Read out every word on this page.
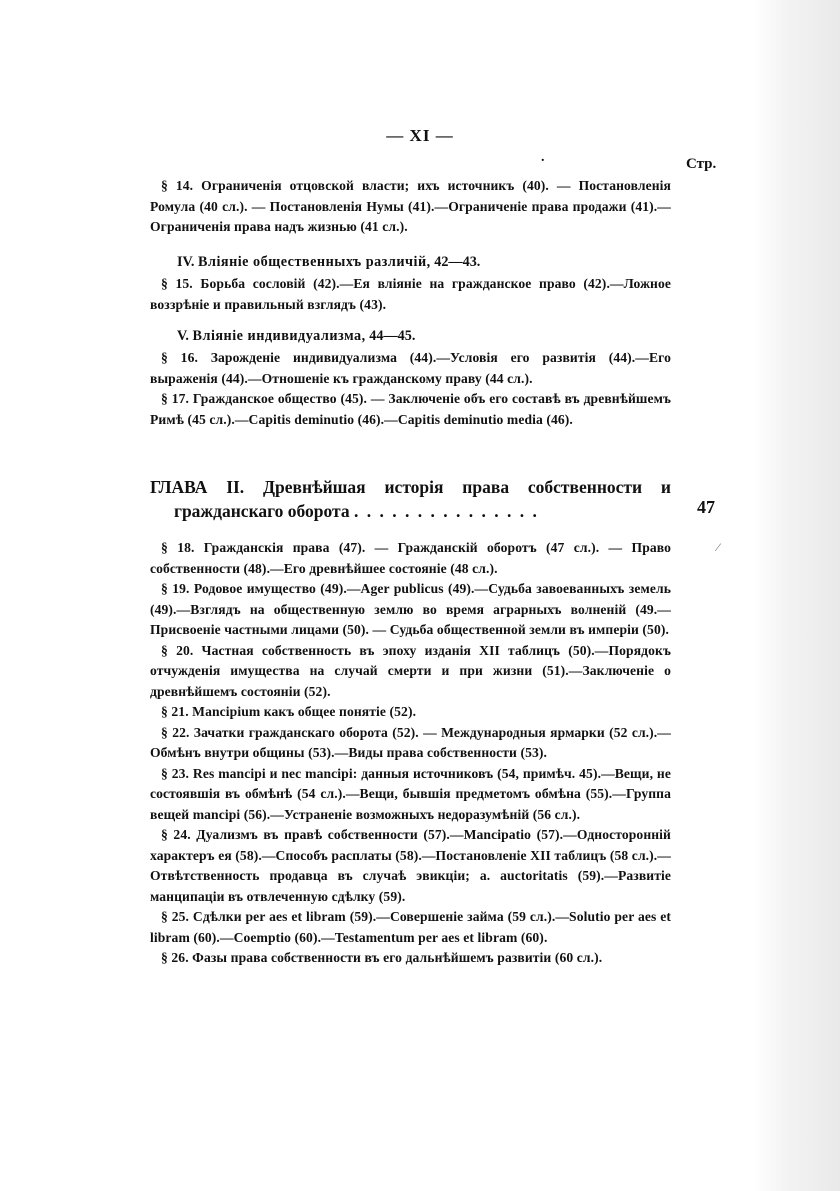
— XI —
.	Стр.

§ 14. Ограниченія отцовской власти; ихъ источникъ (40). — Постановленія Ромула (40 сл.). — Постановленія Нумы (41).—Ограниченіе права продажи (41).—Ограниченія права надъ жизнью (41 сл.).

IV. Вліяніе общественныхъ различій, 42—43.

§ 15. Борьба сословій (42).—Ея вліяніе на гражданское право (42).—Ложное воззрѣніе и правильный взглядъ (43).

V. Вліяніе индивидуализма, 44—45.

§ 16. Зарожденіе индивидуализма (44).—Условія его развитія (44).—Его выраженія (44).—Отношеніе къ гражданскому праву (44 сл.).

§ 17. Гражданское общество (45). — Заключеніе объ его составѣ въ древнѣйшемъ Римѣ (45 сл.).—Capitis deminutio (46).—Capitis deminutio media (46).

ГЛАВА II. Древнѣйшая исторія права собственности и
гражданскаго оборота . . . . . . . . . . . . . . .	47

§ 18. Гражданскія права (47). — Гражданскій оборотъ (47 сл.). — Право собственности (48).—Его древнѣйшее состояніе (48 сл.).

§ 19. Родовое имущество (49).—Ager publicus (49).—Судьба завоеванныхъ земель (49).—Взглядъ на общественную землю во время аграрныхъ волненій (49.—Присвоеніе частными лицами (50). — Судьба общественной земли въ имперіи (50).

§ 20. Частная собственность въ эпоху изданія XII таблицъ (50).—Порядокъ отчужденія имущества на случай смерти и при жизни (51).—Заключеніе о древнѣйшемъ состояніи (52).

§ 21. Mancipium какъ общее понятіе (52).

§ 22. Зачатки гражданскаго оборота (52). — Международныя ярмарки (52 сл.).—Обмѣнъ внутри общины (53).—Виды права собственности (53).

§ 23. Res mancipi и nec mancipi: данныя источниковъ (54, примѣч. 45).—Вещи, не состоявшія въ обмѣнѣ (54 сл.).—Вещи, бывшія предметомъ обмѣна (55).—Группа вещей mancipi (56).—Устраненіе возможныхъ недоразумѣній (56 сл.).

§ 24. Дуализмъ въ правѣ собственности (57).—Mancipatio (57).—Односторонній характеръ ея (58).—Способъ расплаты (58).—Постановленіе XII таблицъ (58 сл.).— Отвѣтственность продавца въ случаѣ эвикціи; а. auctoritatis (59).—Развитіе манципаціи въ отвлеченную сдѣлку (59).

§ 25. Сдѣлки per aes et libram (59).—Совершеніе займа (59 сл.).—Solutio per aes et libram (60).—Coemptio (60).—Testamentum per aes et libram (60).

§ 26. Фазы права собственности въ его дальнѣйшемъ развитіи (60 сл.).

⁄
